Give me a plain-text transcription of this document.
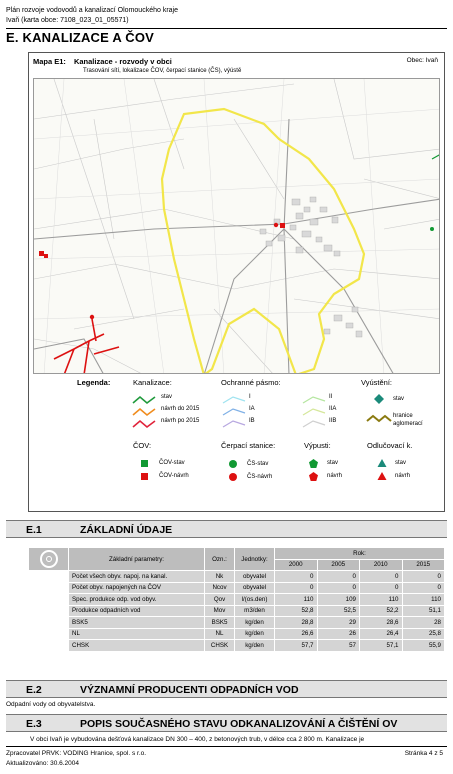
Plán rozvoje vodovodů a kanalizací Olomouckého kraje
Ivaň (karta obce: 7108_023_01_05571)
E. KANALIZACE A ČOV
Mapa E1: Kanalizace - rozvody v obci
Trasování sítí, lokalizace ČOV, čerpací stanice (ČS), výústě
Obec: Ivaň
Legenda:	Kanalizace:	Ochranné pásmo:	Vyústění:
stav
návrh do 2015
návrh po 2015
I
IA
IB
II
IIA
IIB
stav
hranice
aglomerací
ČOV:	Čerpací stanice:	Výpusti:	Odlučovací k.
ČOV-stav
ČOV-návrh
ČS-stav
ČS-návrh
stav
návrh
stav
návrh
E.1	ZÁKLADNÍ ÚDAJE
	Základní parametry:	Ozn.:	Jednotky:	Rok:			
				2000	2005	2010	2015
	Počet všech obyv. napoj. na kanal.	Nk	obyvatel	0	0	0	0
	Počet obyv. napojených na ČOV	Ncov	obyvatel	0	0	0	0
	Spec. produkce odp. vod obyv.	Qov	l/(os.den)	110	109	110	110
	Produkce odpadních vod	Mov	m3/den	52,8	52,5	52,2	51,1
	BSK5	BSK5	kg/den	28,8	29	28,6	28
	NL	NL	kg/den	26,6	26	26,4	25,8
	CHSK	CHSK	kg/den	57,7	57	57,1	55,9
E.2	VÝZNAMNÍ PRODUCENTI ODPADNÍCH VOD
Odpadní vody od obyvatelstva.
E.3	POPIS SOUČASNÉHO STAVU ODKANALIZOVÁNÍ A ČIŠTĚNÍ OV
V obci Ivaň je vybudována dešťová kanalizace DN 300 – 400, z betonových trub, v délce cca 2 800 m. Kanalizace je
Zpracovatel PRVK: VODING Hranice, spol. s r.o.
Aktualizováno: 30.6.2004
Stránka 4 z 5
